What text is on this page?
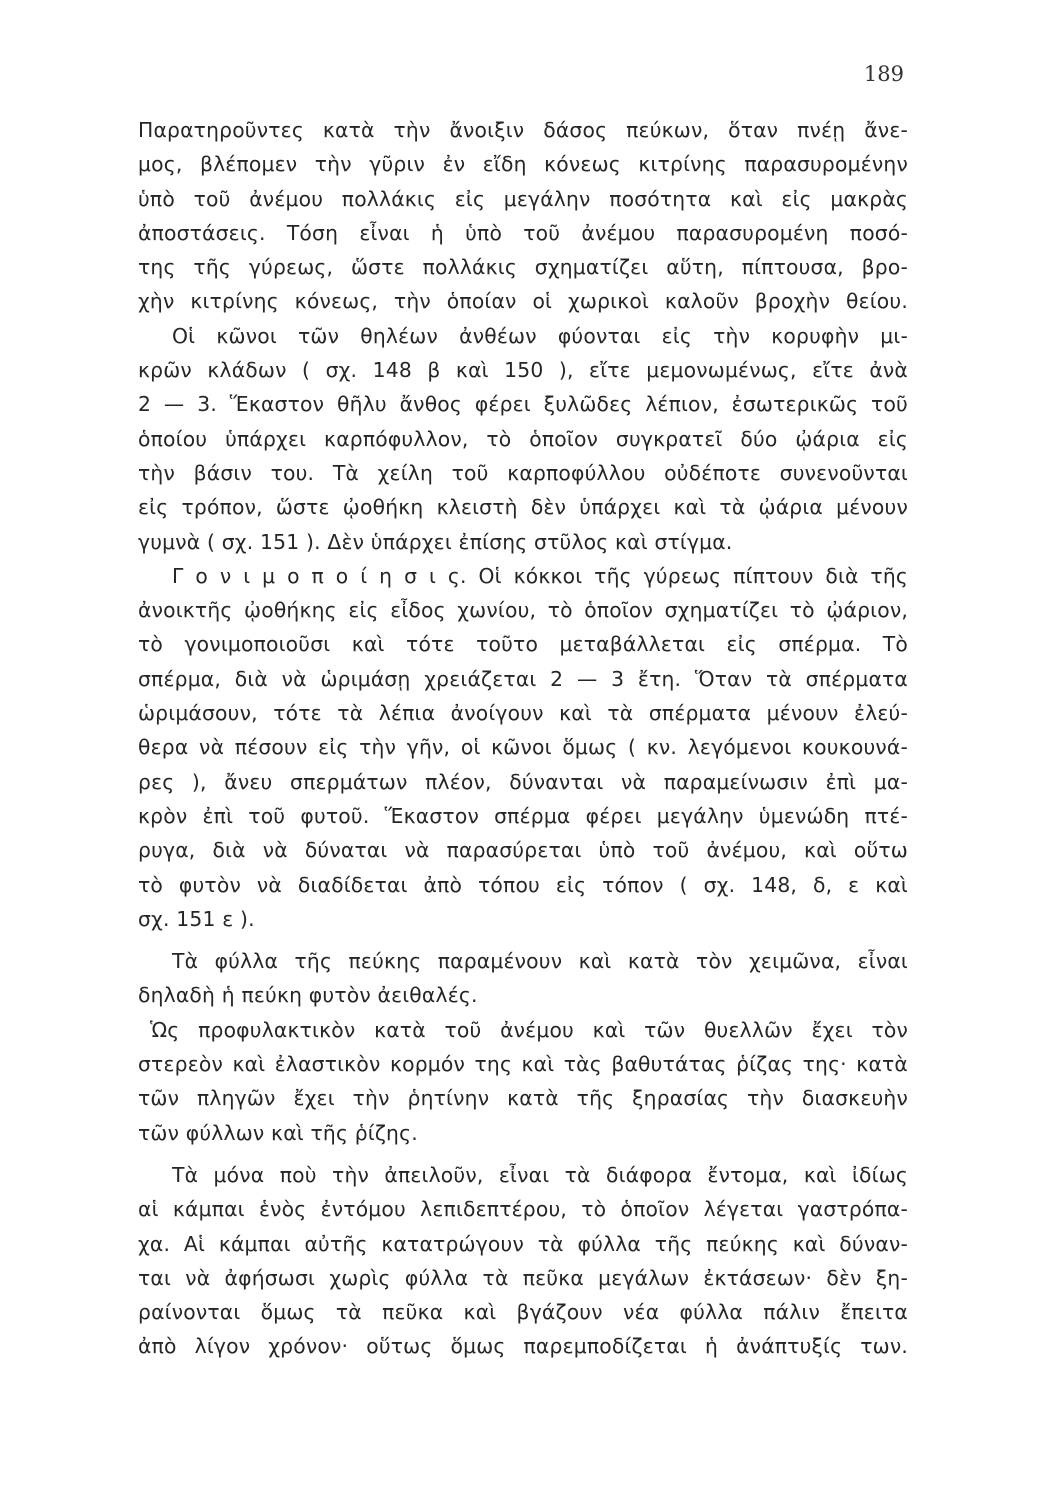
189
Παρατηροῦντες κατὰ τὴν ἄνοιξιν δάσος πεύκων, ὅταν πνέῃ ἄνε-
μος, βλέπομεν τὴν γῦριν ἐν εἴδη κόνεως κιτρίνης παρασυρομένην
ὑπὸ τοῦ ἀνέμου πολλάκις εἰς μεγάλην ποσότητα καὶ εἰς μακρὰς
ἀποστάσεις. Τόση εἶναι ἡ ὑπὸ τοῦ ἀνέμου παρασυρομένη ποσό-
της τῆς γύρεως, ὥστε πολλάκις σχηματίζει αὕτη, πίπτουσα, βρο-
χὴν κιτρίνης κόνεως, τὴν ὁποίαν οἱ χωρικοὶ καλοῦν βροχὴν θείου.
Οἱ κῶνοι τῶν θηλέων ἀνθέων φύονται εἰς τὴν κορυφὴν μι-
κρῶν κλάδων ( σχ. 148 β καὶ 150 ), εἴτε μεμονωμένως, εἴτε ἀνὰ
2 — 3. Ἕκαστον θῆλυ ἄνθος φέρει ξυλῶδες λέπιον, ἐσωτερικῶς τοῦ
ὁποίου ὑπάρχει καρπόφυλλον, τὸ ὁποῖον συγκρατεῖ δύο ᾠάρια εἰς
τὴν βάσιν του. Τὰ χείλη τοῦ καρποφύλλου οὐδέποτε συνενοῦνται
εἰς τρόπον, ὥστε ᾠοθήκη κλειστὴ δὲν ὑπάρχει καὶ τὰ ᾠάρια μένουν
γυμνὰ ( σχ. 151 ). Δὲν ὑπάρχει ἐπίσης στῦλος καὶ στίγμα.
Γ ο ν ι μ ο π ο ί η σ ι ς. Οἱ κόκκοι τῆς γύρεως πίπτουν διὰ τῆς
ἀνοικτῆς ᾠοθήκης εἰς εἶδος χωνίου, τὸ ὁποῖον σχηματίζει τὸ ᾠάριον,
τὸ γονιμοποιοῦσι καὶ τότε τοῦτο μεταβάλλεται εἰς σπέρμα. Τὸ
σπέρμα, διὰ νὰ ὡριμάσῃ χρειάζεται 2 — 3 ἔτη. Ὅταν τὰ σπέρματα
ὡριμάσουν, τότε τὰ λέπια ἀνοίγουν καὶ τὰ σπέρματα μένουν ἐλεύ-
θερα νὰ πέσουν εἰς τὴν γῆν, οἱ κῶνοι ὅμως ( κν. λεγόμενοι κουκουνά-
ρες ), ἄνευ σπερμάτων πλέον, δύνανται νὰ παραμείνωσιν ἐπὶ μα-
κρὸν ἐπὶ τοῦ φυτοῦ. Ἕκαστον σπέρμα φέρει μεγάλην ὑμενώδη πτέ-
ρυγα, διὰ νὰ δύναται νὰ παρασύρεται ὑπὸ τοῦ ἀνέμου, καὶ οὕτω
τὸ φυτὸν νὰ διαδίδεται ἀπὸ τόπου εἰς τόπον ( σχ. 148, δ, ε καὶ
σχ. 151 ε ).
Τὰ φύλλα τῆς πεύκης παραμένουν καὶ κατὰ τὸν χειμῶνα, εἶναι
δηλαδὴ ἡ πεύκη φυτὸν ἀειθαλές.
Ὡς προφυλακτικὸν κατὰ τοῦ ἀνέμου καὶ τῶν θυελλῶν ἔχει τὸν
στερεὸν καὶ ἐλαστικὸν κορμόν της καὶ τὰς βαθυτάτας ῥίζας της· κατὰ
τῶν πληγῶν ἔχει τὴν ῥητίνην κατὰ τῆς ξηρασίας τὴν διασκευὴν
τῶν φύλλων καὶ τῆς ῥίζης.
Τὰ μόνα ποὺ τὴν ἀπειλοῦν, εἶναι τὰ διάφορα ἔντομα, καὶ ἰδίως
αἱ κάμπαι ἑνὸς ἐντόμου λεπιδεπτέρου, τὸ ὁποῖον λέγεται γαστρόπα-
χα. Αἱ κάμπαι αὐτῆς κατατρώγουν τὰ φύλλα τῆς πεύκης καὶ δύναν-
ται νὰ ἀφήσωσι χωρὶς φύλλα τὰ πεῦκα μεγάλων ἐκτάσεων· δὲν ξη-
ραίνονται ὅμως τὰ πεῦκα καὶ βγάζουν νέα φύλλα πάλιν ἔπειτα
ἀπὸ λίγον χρόνον· οὕτως ὅμως παρεμποδίζεται ἡ ἀνάπτυξίς των.
